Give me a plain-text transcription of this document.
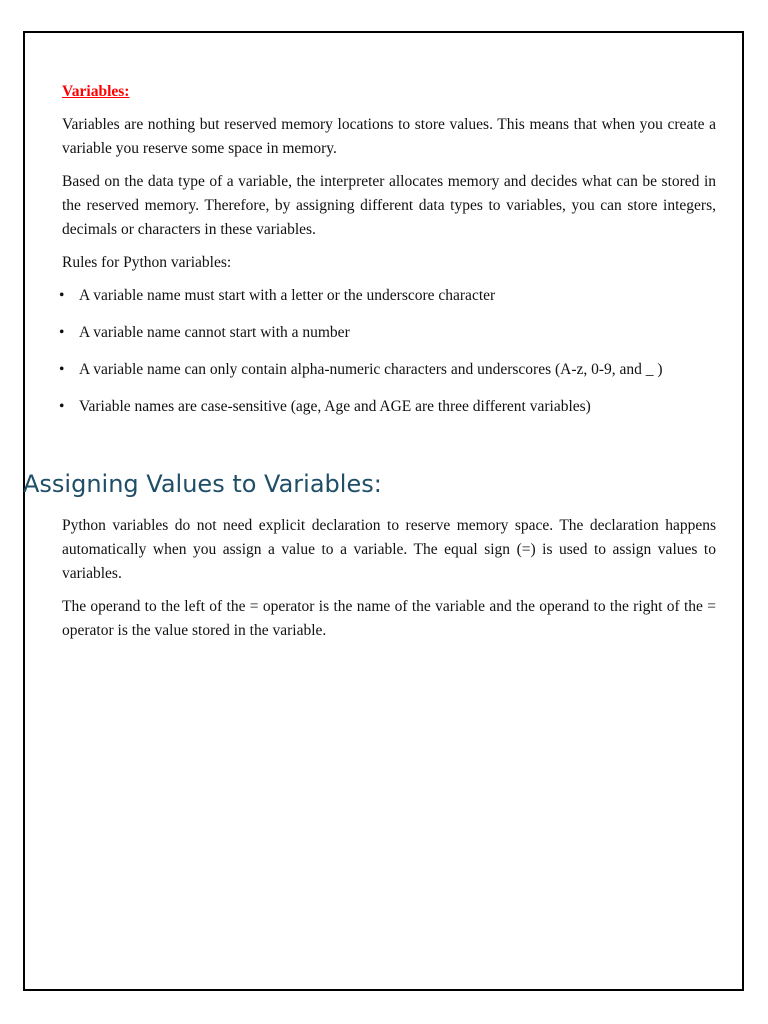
Variables:

Variables are nothing but reserved memory locations to store values. This means that when you create a variable you reserve some space in memory.

Based on the data type of a variable, the interpreter allocates memory and decides what can be stored in the reserved memory. Therefore, by assigning different data types to variables, you can store integers, decimals or characters in these variables.

Rules for Python variables:

• A variable name must start with a letter or the underscore character
• A variable name cannot start with a number
• A variable name can only contain alpha-numeric characters and underscores (A-z, 0-9, and _ )
• Variable names are case-sensitive (age, Age and AGE are three different variables)
Assigning Values to Variables:

Python variables do not need explicit declaration to reserve memory space. The declaration happens automatically when you assign a value to a variable. The equal sign (=) is used to assign values to variables.

The operand to the left of the = operator is the name of the variable and the operand to the right of the = operator is the value stored in the variable.
